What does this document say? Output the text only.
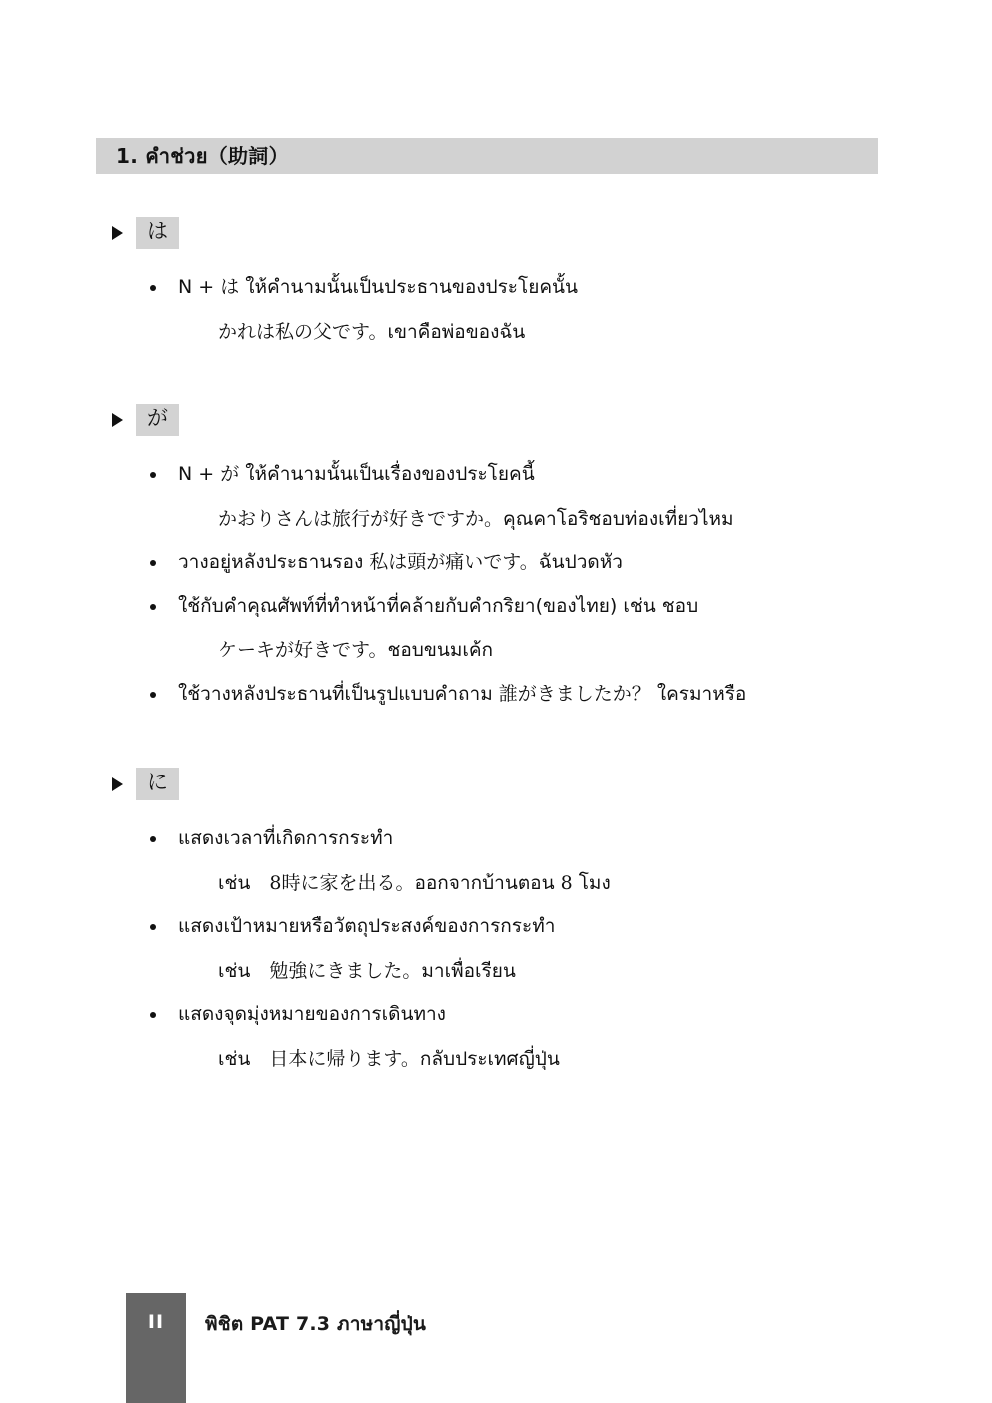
1. คำช่วย（助詞）
は
N + は ให้คำนามนั้นเป็นประธานของประโยคนั้น
かれは私の父です。เขาคือพ่อของฉัน
が
N + が ให้คำนามนั้นเป็นเรื่องของประโยคนี้
かおりさんは旅行が好きですか。คุณคาโอริชอบท่องเที่ยวไหม
วางอยู่หลังประธานรอง 私は頭が痛いです。ฉันปวดหัว
ใช้กับคำคุณศัพท์ที่ทำหน้าที่คล้ายกับคำกริยา(ของไทย) เช่น ชอบ
ケーキが好きです。ชอบขนมเค้ก
ใช้วางหลังประธานที่เป็นรูปแบบคำถาม 誰がきましたか？ ใครมาหรือ
に
แสดงเวลาที่เกิดการกระทำ
เช่น　8時に家を出る。ออกจากบ้านตอน 8 โมง
แสดงเป้าหมายหรือวัตถุประสงค์ของการกระทำ
เช่น　勉強にきました。มาเพื่อเรียน
แสดงจุดมุ่งหมายของการเดินทาง
เช่น　日本に帰ります。กลับประเทศญี่ปุ่น
II	พิชิต PAT 7.3 ภาษาญี่ปุ่น
